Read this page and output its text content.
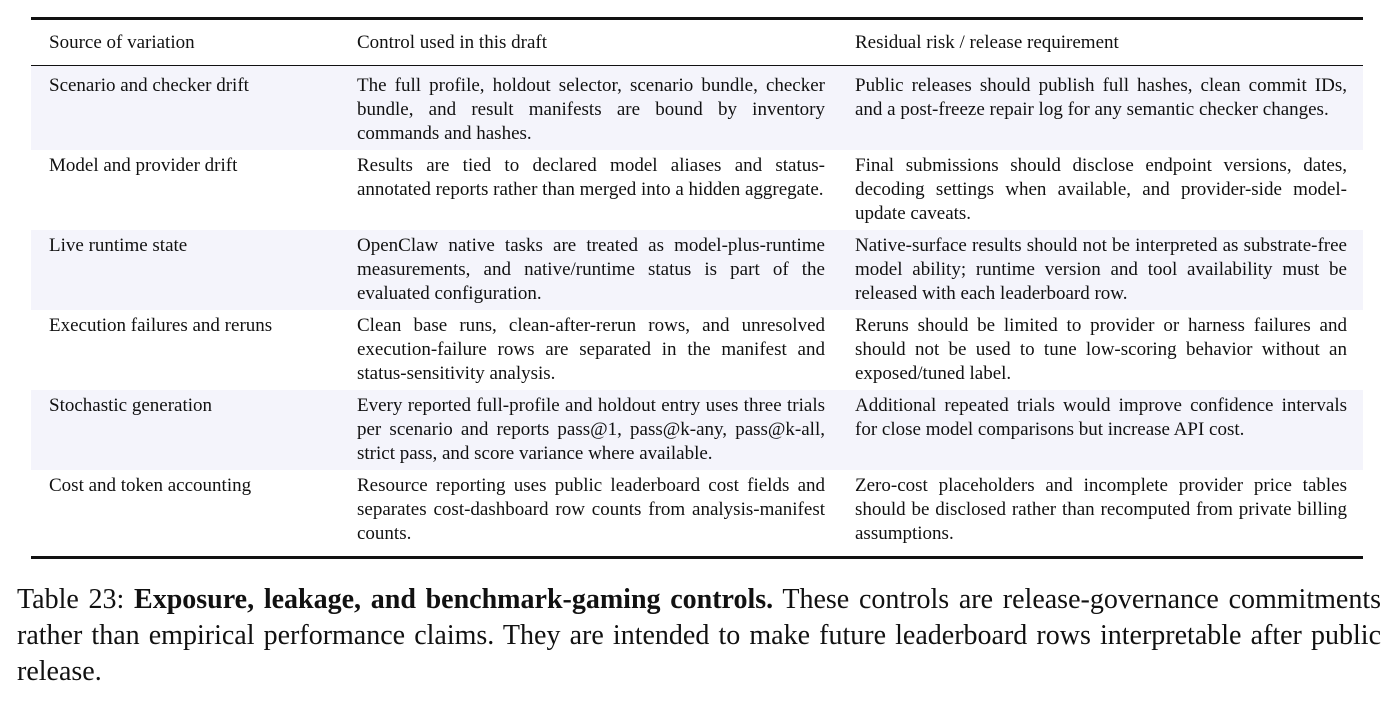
Source of variation	Control used in this draft	Residual risk / release requirement
Scenario and checker drift	The full profile, holdout selector, scenario bundle, checker bundle, and result manifests are bound by inventory commands and hashes.	Public releases should publish full hashes, clean commit IDs, and a post-freeze repair log for any semantic checker changes.
Model and provider drift	Results are tied to declared model aliases and status-annotated reports rather than merged into a hidden aggregate.	Final submissions should disclose endpoint versions, dates, decoding settings when available, and provider-side model-update caveats.
Live runtime state	OpenClaw native tasks are treated as model-plus-runtime measurements, and native/runtime status is part of the evaluated configuration.	Native-surface results should not be interpreted as substrate-free model ability; runtime version and tool availability must be released with each leaderboard row.
Execution failures and reruns	Clean base runs, clean-after-rerun rows, and unresolved execution-failure rows are separated in the manifest and status-sensitivity analysis.	Reruns should be limited to provider or harness failures and should not be used to tune low-scoring behavior without an exposed/tuned label.
Stochastic generation	Every reported full-profile and holdout entry uses three trials per scenario and reports pass@1, pass@k-any, pass@k-all, strict pass, and score variance where available.	Additional repeated trials would improve confidence intervals for close model comparisons but increase API cost.
Cost and token accounting	Resource reporting uses public leaderboard cost fields and separates cost-dashboard row counts from analysis-manifest counts.	Zero-cost placeholders and incomplete provider price tables should be disclosed rather than recomputed from private billing assumptions.
Table 23: Exposure, leakage, and benchmark-gaming controls. These controls are release-governance commitments rather than empirical performance claims. They are intended to make future leaderboard rows interpretable after public release.
